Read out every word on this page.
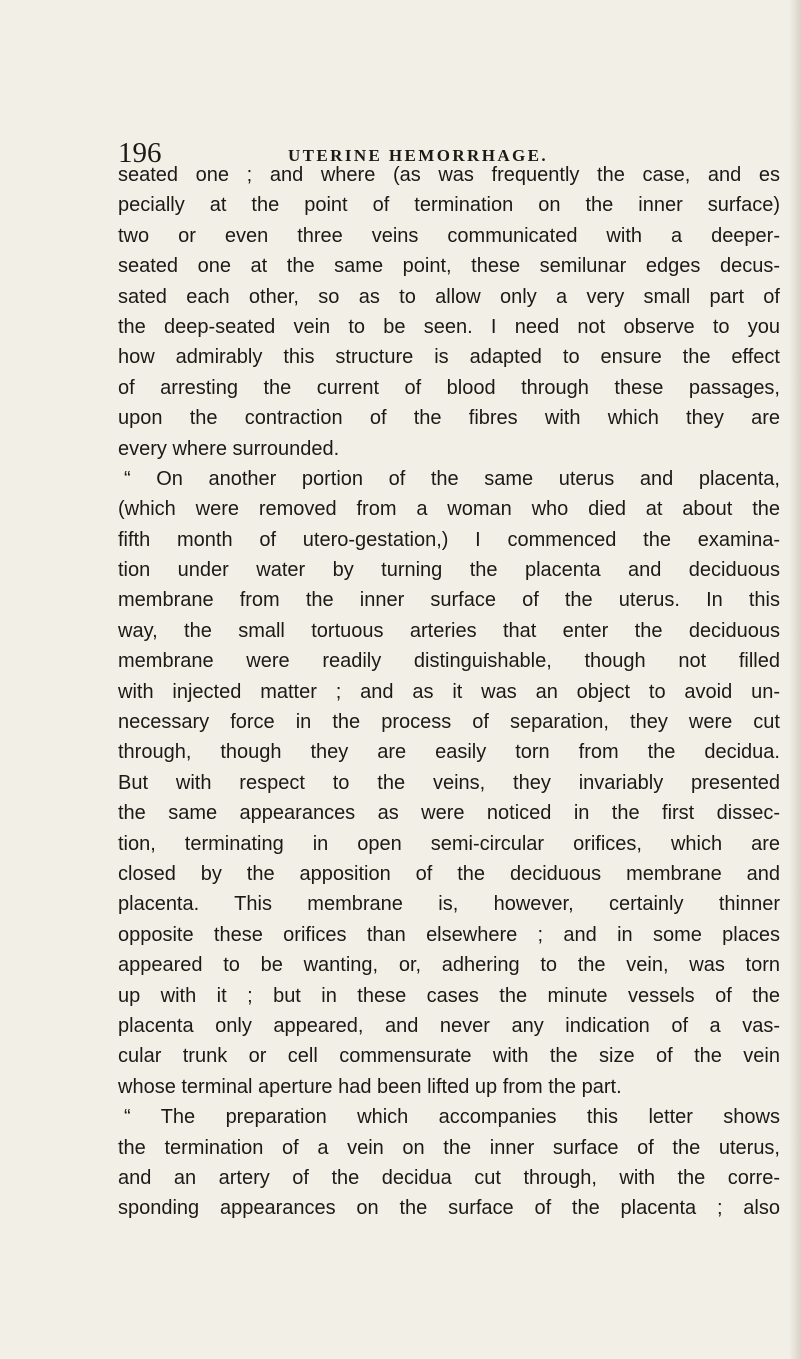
196	UTERINE HEMORRHAGE.
seated one ; and where (as was frequently the case, and es
pecially at the point of termination on the inner surface)
two or even three veins communicated with a deeper-
seated one at the same point, these semilunar edges decus-
sated each other, so as to allow only a very small part of
the deep-seated vein to be seen. I need not observe to you
how admirably this structure is adapted to ensure the effect
of arresting the current of blood through these passages,
upon the contraction of the fibres with which they are
every where surrounded.
“ On another portion of the same uterus and placenta,
(which were removed from a woman who died at about the
fifth month of utero-gestation,) I commenced the examina-
tion under water by turning the placenta and deciduous
membrane from the inner surface of the uterus. In this
way, the small tortuous arteries that enter the deciduous
membrane were readily distinguishable, though not filled
with injected matter ; and as it was an object to avoid un-
necessary force in the process of separation, they were cut
through, though they are easily torn from the decidua.
But with respect to the veins, they invariably presented
the same appearances as were noticed in the first dissec-
tion, terminating in open semi-circular orifices, which are
closed by the apposition of the deciduous membrane and
placenta. This membrane is, however, certainly thinner
opposite these orifices than elsewhere ; and in some places
appeared to be wanting, or, adhering to the vein, was torn
up with it ; but in these cases the minute vessels of the
placenta only appeared, and never any indication of a vas-
cular trunk or cell commensurate with the size of the vein
whose terminal aperture had been lifted up from the part.
“ The preparation which accompanies this letter shows
the termination of a vein on the inner surface of the uterus,
and an artery of the decidua cut through, with the corre-
sponding appearances on the surface of the placenta ; also
